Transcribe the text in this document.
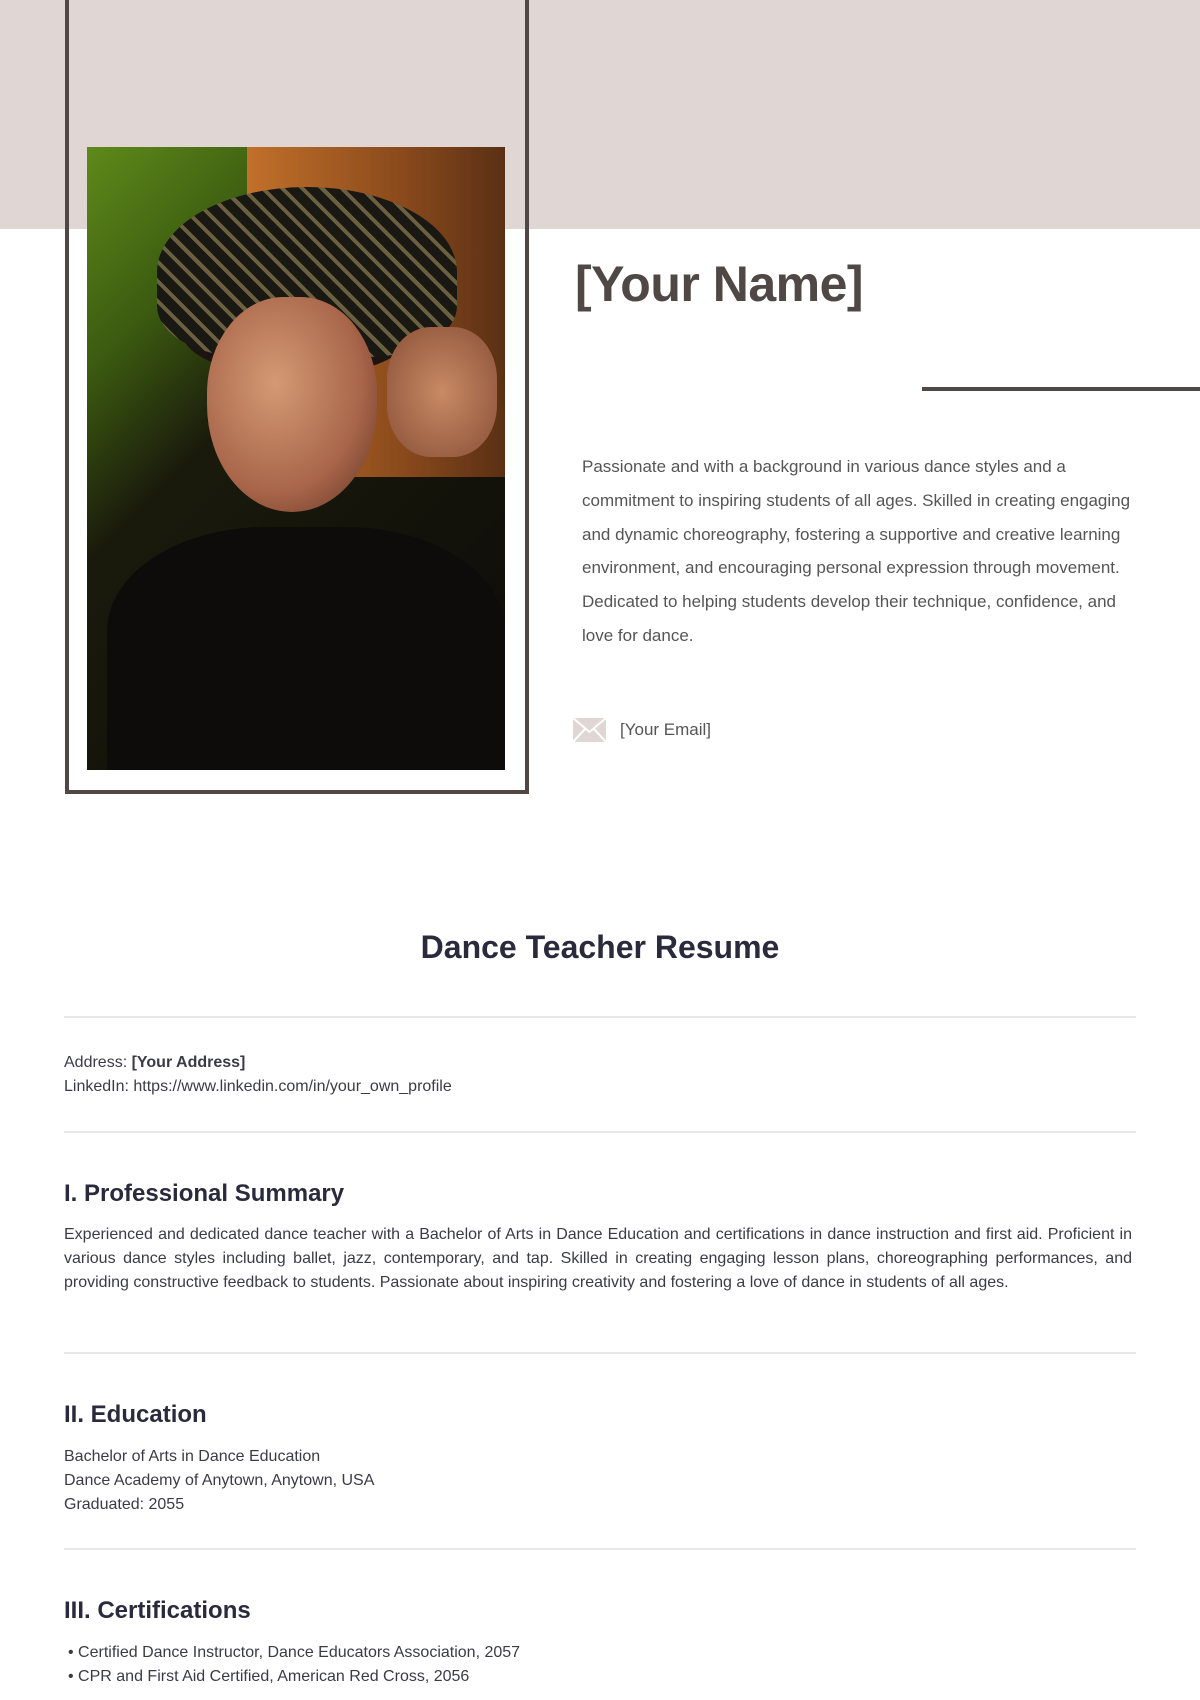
[Your Name]

Passionate and with a background in various dance styles and a commitment to inspiring students of all ages. Skilled in creating engaging and dynamic choreography, fostering a supportive and creative learning environment, and encouraging personal expression through movement. Dedicated to helping students develop their technique, confidence, and love for dance.

[Your Email]
Dance Teacher Resume
Address: [Your Address]
LinkedIn: https://www.linkedin.com/in/your_own_profile
I. Professional Summary

Experienced and dedicated dance teacher with a Bachelor of Arts in Dance Education and certifications in dance instruction and first aid. Proficient in various dance styles including ballet, jazz, contemporary, and tap. Skilled in creating engaging lesson plans, choreographing performances, and providing constructive feedback to students. Passionate about inspiring creativity and fostering a love of dance in students of all ages.

II. Education
Bachelor of Arts in Dance Education
Dance Academy of Anytown, Anytown, USA
Graduated: 2055
III. Certifications
• Certified Dance Instructor, Dance Educators Association, 2057
• CPR and First Aid Certified, American Red Cross, 2056
